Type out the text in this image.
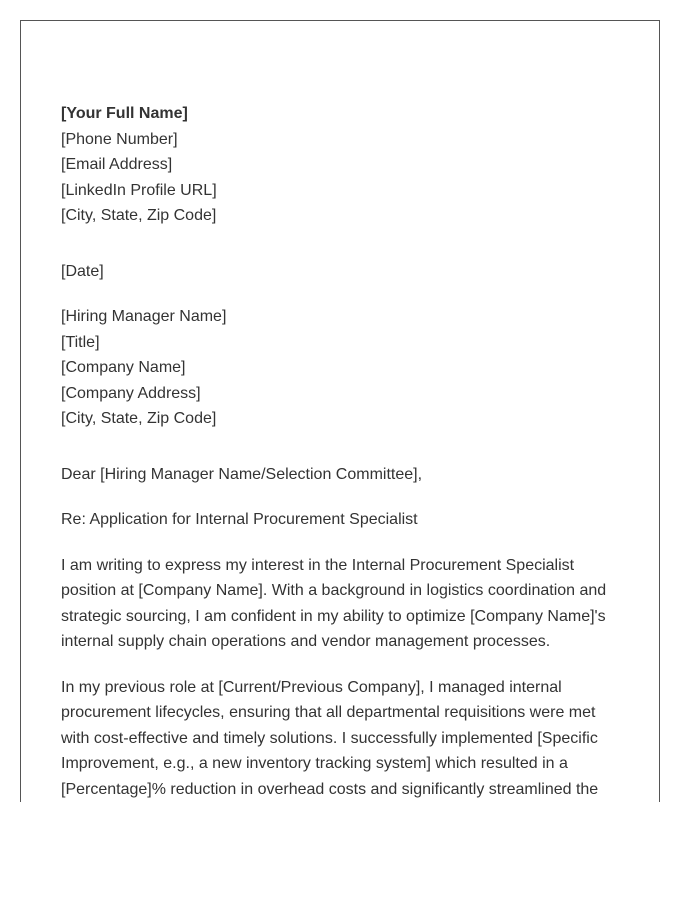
[Your Full Name]
[Phone Number]
[Email Address]
[LinkedIn Profile URL]
[City, State, Zip Code]
[Date]
[Hiring Manager Name]
[Title]
[Company Name]
[Company Address]
[City, State, Zip Code]
Dear [Hiring Manager Name/Selection Committee],
Re: Application for Internal Procurement Specialist

I am writing to express my interest in the Internal Procurement Specialist position at [Company Name]. With a background in logistics coordination and strategic sourcing, I am confident in my ability to optimize [Company Name]'s internal supply chain operations and vendor management processes.

In my previous role at [Current/Previous Company], I managed internal procurement lifecycles, ensuring that all departmental requisitions were met with cost-effective and timely solutions. I successfully implemented [Specific Improvement, e.g., a new inventory tracking system] which resulted in a [Percentage]% reduction in overhead costs and significantly streamlined the
